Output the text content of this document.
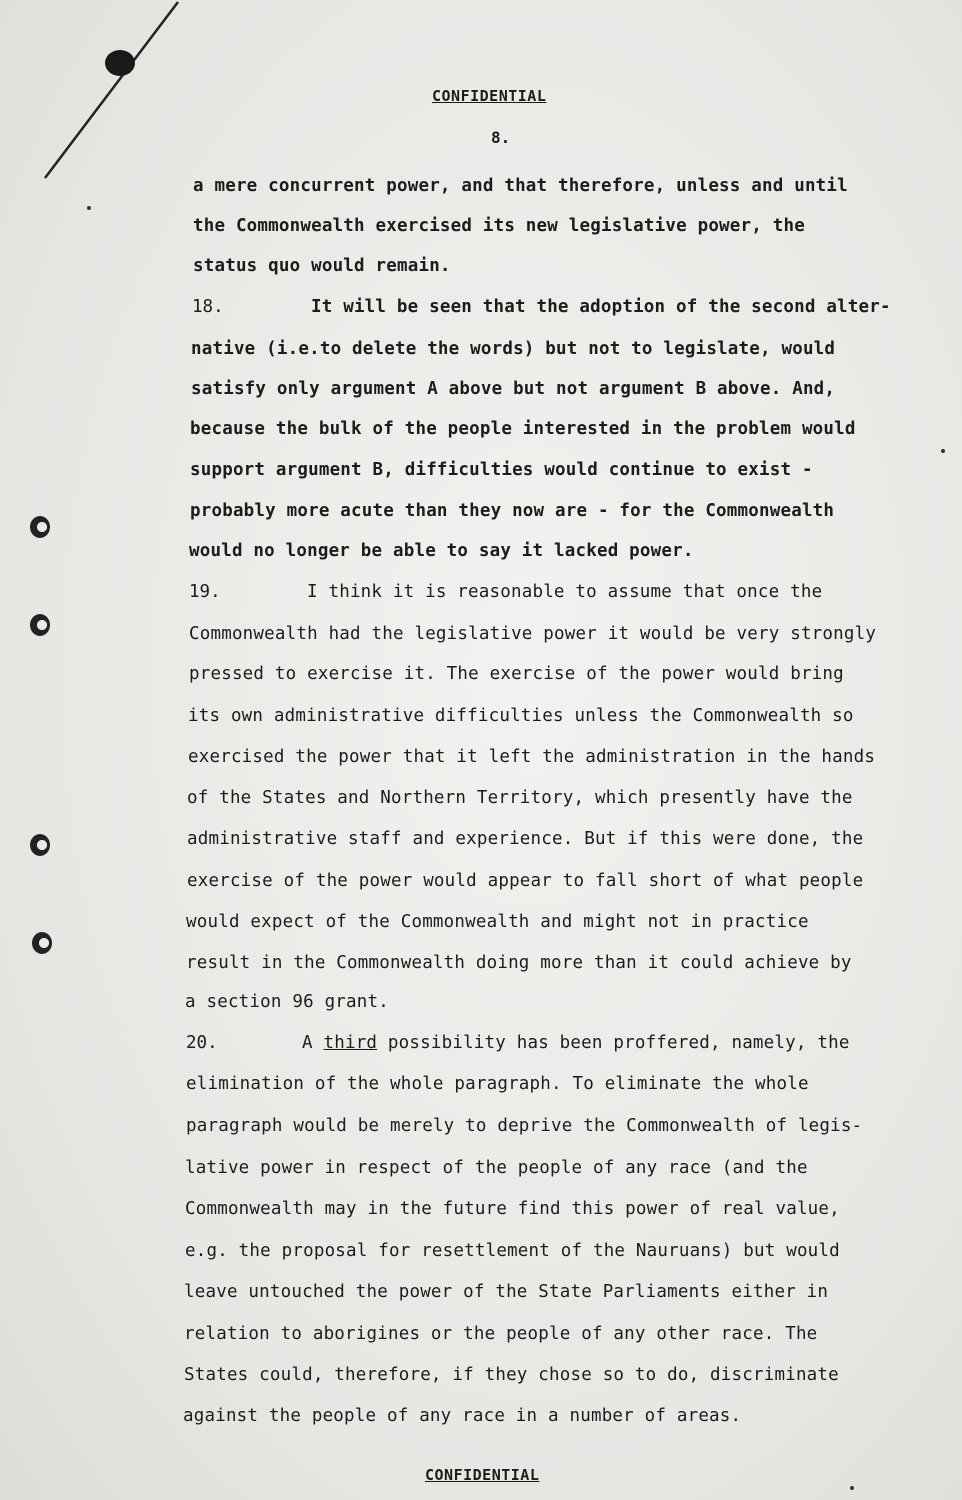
CONFIDENTIAL
8.
a mere concurrent power, and that therefore, unless and until
the Commonwealth exercised its new legislative power, the
status quo would remain.
18.	It will be seen that the adoption of the second alter-
native (i.e.to delete the words) but not to legislate, would
satisfy only argument A above but not argument B above. And,
because the bulk of the people interested in the problem would
support argument B, difficulties would continue to exist -
probably more acute than they now are - for the Commonwealth
would no longer be able to say it lacked power.
19.	I think it is reasonable to assume that once the
Commonwealth had the legislative power it would be very strongly
pressed to exercise it. The exercise of the power would bring
its own administrative difficulties unless the Commonwealth so
exercised the power that it left the administration in the hands
of the States and Northern Territory, which presently have the
administrative staff and experience. But if this were done, the
exercise of the power would appear to fall short of what people
would expect of the Commonwealth and might not in practice
result in the Commonwealth doing more than it could achieve by
a section 96 grant.
20.	A third possibility has been proffered, namely, the
elimination of the whole paragraph. To eliminate the whole
paragraph would be merely to deprive the Commonwealth of legis-
lative power in respect of the people of any race (and the
Commonwealth may in the future find this power of real value,
e.g. the proposal for resettlement of the Nauruans) but would
leave untouched the power of the State Parliaments either in
relation to aborigines or the people of any other race. The
States could, therefore, if they chose so to do, discriminate
against the people of any race in a number of areas.
CONFIDENTIAL
